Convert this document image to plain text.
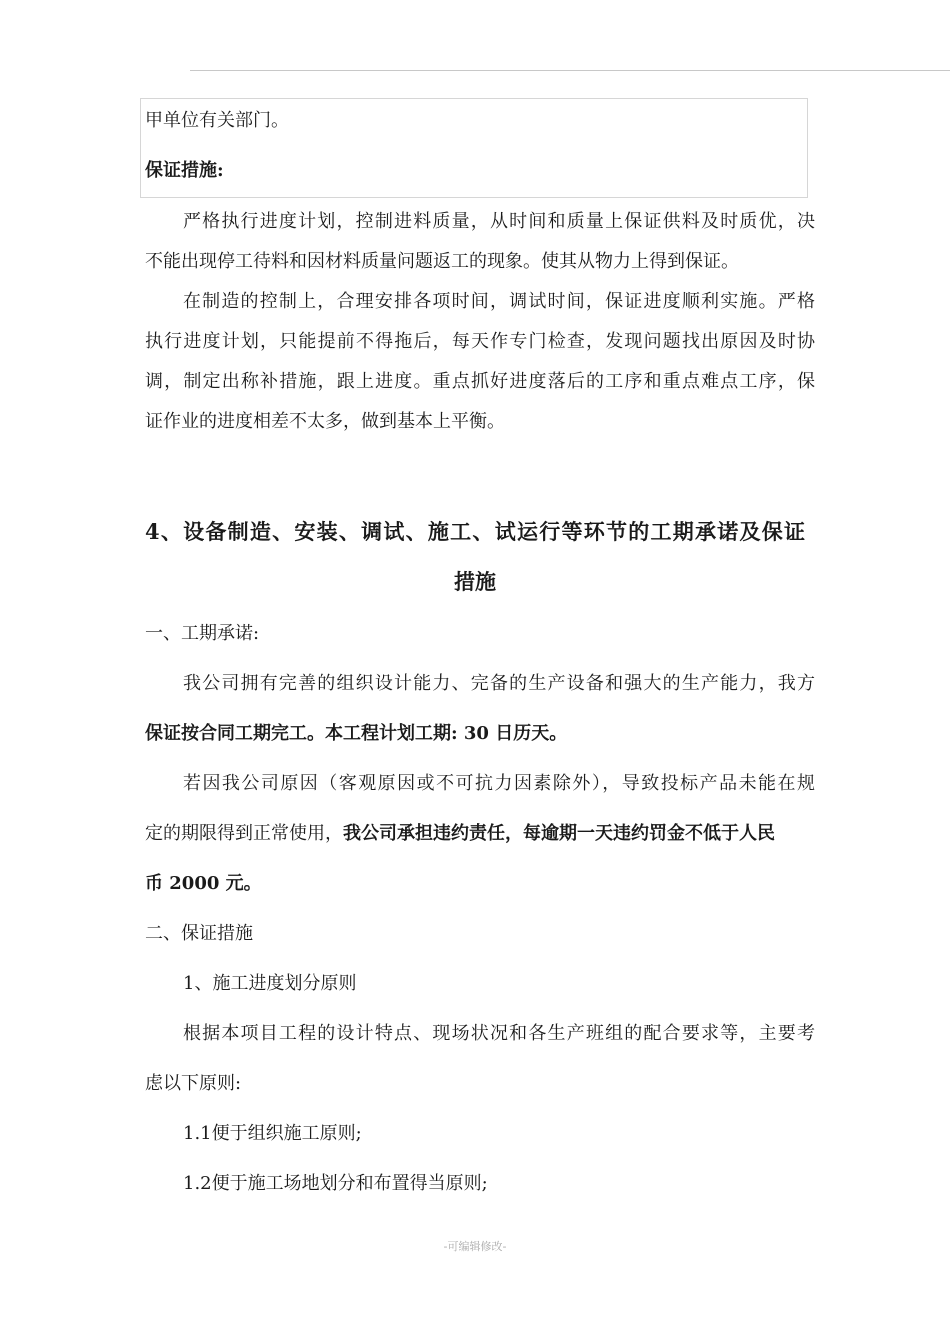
甲单位有关部门。
保证措施:
严格执行进度计划，控制进料质量，从时间和质量上保证供料及时质优，决
不能出现停工待料和因材料质量问题返工的现象。使其从物力上得到保证。
在制造的控制上，合理安排各项时间，调试时间，保证进度顺利实施。严格
执行进度计划，只能提前不得拖后，每天作专门检查，发现问题找出原因及时协
调，制定出称补措施，跟上进度。重点抓好进度落后的工序和重点难点工序，保
证作业的进度相差不太多，做到基本上平衡。
4、设备制造、安装、调试、施工、试运行等环节的工期承诺及保证
措施
一、工期承诺:
我公司拥有完善的组织设计能力、完备的生产设备和强大的生产能力，我方
保证按合同工期完工。本工程计划工期: 30 日历天。
若因我公司原因（客观原因或不可抗力因素除外），导致投标产品未能在规
定的期限得到正常使用，我公司承担违约责任，每逾期一天违约罚金不低于人民
币 2000 元。
二、保证措施
1、施工进度划分原则
根据本项目工程的设计特点、现场状况和各生产班组的配合要求等，主要考
虑以下原则:
1.1便于组织施工原则;
1.2便于施工场地划分和布置得当原则;
-可编辑修改-
